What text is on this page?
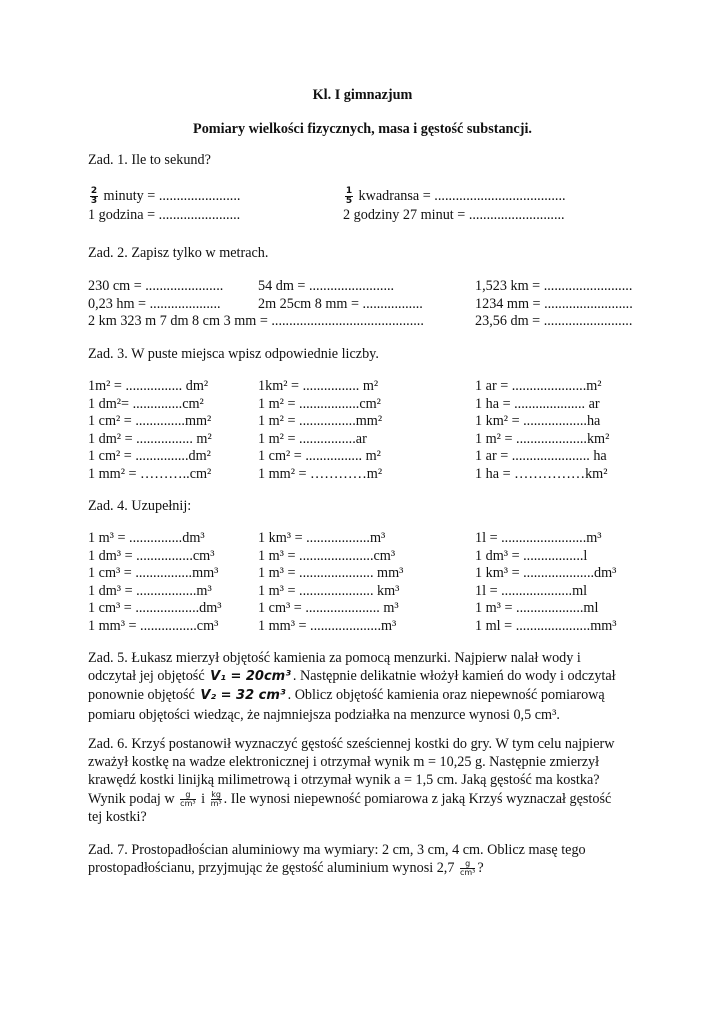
Kl. I gimnazjum
Pomiary wielkości fizycznych, masa i gęstość substancji.
Zad. 1. Ile to sekund?
$\frac{2}{3}$ minuty = .......................	$\frac{1}{5}$ kwadransa = .....................................
1 godzina = .......................	2 godziny 27 minut = ...........................
Zad. 2. Zapisz tylko w metrach.
230 cm = ...................... 54 dm = ........................	1,523 km = .........................
0,23 hm = ....................	2m 25cm 8 mm = .................	1234 mm = .........................
2 km 323 m 7 dm 8 cm 3 mm = ...........................................	23,56 dm = .........................
Zad. 3. W puste miejsca wpisz odpowiednie liczby.
1m² = ................ dm²	1km² = ................ m²	1 ar = .....................m²
1 dm²= ..............cm²	1 m² = .................cm²	1 ha = .................... ar
1 cm² = ..............mm²	1 m² = ................mm²	1 km² = ..................ha
1 dm² = ................ m²	1 m² = ................ar	1 m² = ....................km²
1 cm² = ...............dm²	1 cm² = ................ m²	1 ar = ...................... ha
1 mm² = ………..cm²	1 mm² = …………m²	1 ha = ……………km²
Zad. 4. Uzupełnij:
1 m³ = ...............dm³	1 km³ = ..................m³	1l = ........................m³
1 dm³ = ................cm³	1 m³ = .....................cm³	1 dm³ = .................l
1 cm³ = ................mm³	1 m³ = ..................... mm³	1 km³ = ....................dm³
1 dm³ = .................m³	1 m³ = ..................... km³	1l = ....................ml
1 cm³ = ..................dm³	1 cm³ = ..................... m³	1 m³ = ...................ml
1 mm³ = ................cm³	1 mm³ = ....................m³	1 ml = .....................mm³
Zad. 5. Łukasz mierzył objętość kamienia za pomocą menzurki. Najpierw nalał wody i
odczytał jej objętość V₁ = 20cm³ . Następnie delikatnie włożył kamień do wody i odczytał
ponownie objętość V₂ = 32 cm³ . Oblicz objętość kamienia oraz niepewność pomiarową
pomiaru objętości wiedząc, że najmniejsza podziałka na menzurce wynosi 0,5 cm³.
Zad. 6. Krzyś postanowił wyznaczyć gęstość sześciennej kostki do gry. W tym celu najpierw
zważył kostkę na wadze elektronicznej i otrzymał wynik m = 10,25 g. Następnie zmierzył
krawędź kostki linijką milimetrową i otrzymał wynik a = 1,5 cm. Jaką gęstość ma kostka?
Wynik podaj w $\frac{g}{\text{cm³}}$ i $\frac{kg}{\text{m³}}$ . Ile wynosi niepewność pomiarowa z jaką Krzyś wyznaczał gęstość
tej kostki?
Zad. 7. Prostopadłościan aluminiowy ma wymiary: 2 cm, 3 cm, 4 cm. Oblicz masę tego
prostopadłościanu, przyjmując że gęstość aluminium wynosi $2,7 \frac{g}{\text{cm³}}$ ?
